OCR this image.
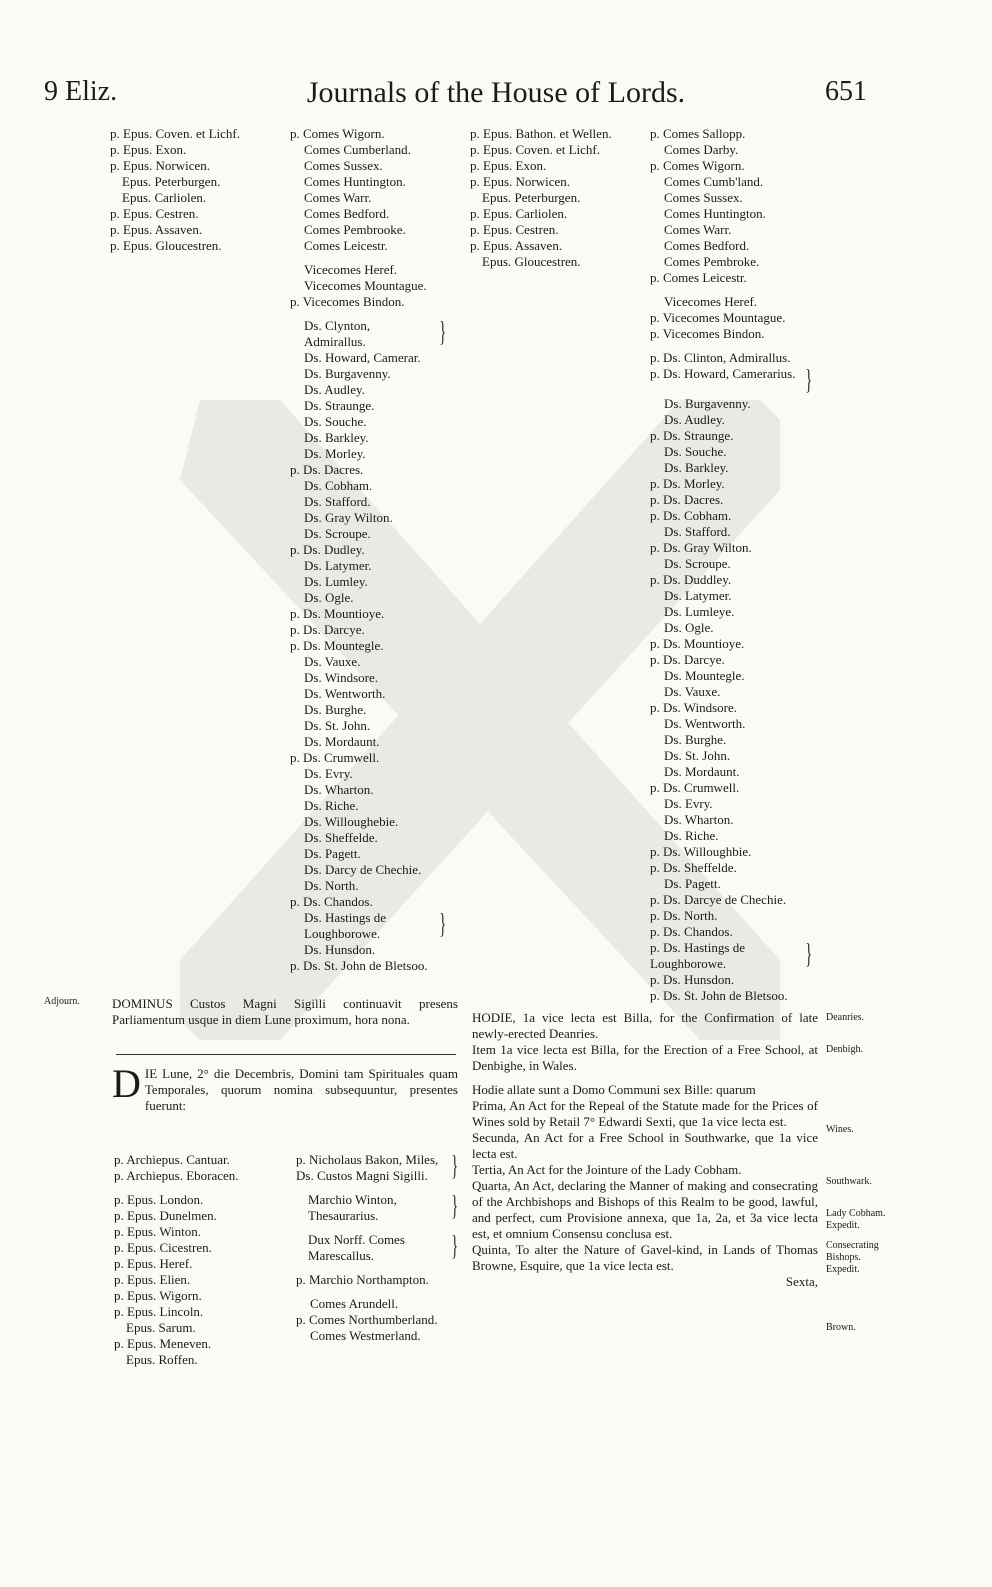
9 Eliz.	Journals of the House of Lords.	651
p. Epus. Coven. et Lichf.
p. Epus. Exon.
p. Epus. Norwicen.
Epus. Peterburgen.
Epus. Carliolen.
p. Epus. Cestren.
p. Epus. Assaven.
p. Epus. Gloucestren.
p. Comes Wigorn.
Comes Cumberland.
Comes Sussex.
Comes Huntington.
Comes Warr.
Comes Bedford.
Comes Pembrooke.
Comes Leicestr.
Vicecomes Heref.
Vicecomes Mountague.
p. Vicecomes Bindon.
Ds. Clynton, Admirallus.	}
Ds. Howard, Camerar.
Ds. Burgavenny.
Ds. Audley.
Ds. Straunge.
Ds. Souche.
Ds. Barkley.
Ds. Morley.
p. Ds. Dacres.
Ds. Cobham.
Ds. Stafford.
Ds. Gray Wilton.
Ds. Scroupe.
p. Ds. Dudley.
Ds. Latymer.
Ds. Lumley.
Ds. Ogle.
p. Ds. Mountioye.
p. Ds. Darcye.
p. Ds. Mountegle.
Ds. Vauxe.
Ds. Windsore.
Ds. Wentworth.
Ds. Burghe.
Ds. St. John.
Ds. Mordaunt.
p. Ds. Crumwell.
Ds. Evry.
Ds. Wharton.
Ds. Riche.
Ds. Willoughebie.
Ds. Sheffelde.
Ds. Pagett.
Ds. Darcy de Chechie.
Ds. North.
p. Ds. Chandos.
Ds. Hastings de Loughborowe. }
Ds. Hunsdon.
p. Ds. St. John de Bletsoo.
p. Epus. Bathon. et Wellen.
p. Epus. Coven. et Lichf.
p. Epus. Exon.
p. Epus. Norwicen.
Epus. Peterburgen.
p. Epus. Carliolen.
p. Epus. Cestren.
p. Epus. Assaven.
Epus. Gloucestren.
p. Comes Sallopp.
Comes Darby.
p. Comes Wigorn.
Comes Cumb'land.
Comes Sussex.
Comes Huntington.
Comes Warr.
Comes Bedford.
Comes Pembroke.
p. Comes Leicestr.
Vicecomes Heref.
p. Vicecomes Mountague.
p. Vicecomes Bindon.
p. Ds. Clinton, Admirallus.
p. Ds. Howard, Camerarius. }
Ds. Burgavenny.
Ds. Audley.
p. Ds. Straunge.
Ds. Souche.
Ds. Barkley.
p. Ds. Morley.
p. Ds. Dacres.
p. Ds. Cobham.
Ds. Stafford.
p. Ds. Gray Wilton.
Ds. Scroupe.
p. Ds. Duddley.
Ds. Latymer.
Ds. Lumleye.
Ds. Ogle.
p. Ds. Mountioye.
p. Ds. Darcye.
Ds. Mountegle.
Ds. Vauxe.
p. Ds. Windsore.
Ds. Wentworth.
Ds. Burghe.
Ds. St. John.
Ds. Mordaunt.
p. Ds. Crumwell.
Ds. Evry.
Ds. Wharton.
Ds. Riche.
p. Ds. Willoughbie.
p. Ds. Sheffelde.
Ds. Pagett.
p. Ds. Darcye de Chechie.
p. Ds. North.
p. Ds. Chandos.
p. Ds. Hastings de Loughborowe.	}
p. Ds. Hunsdon.
p. Ds. St. John de Bletsoo.
Adjourn. DOMINUS Custos Magni Sigilli continuavit presens Parliamentum usque in diem Lune proximum, hora nona.
D IE Lune, 2° die Decembris, Domini tam Spirituales quam Temporales, quorum nomina subsequuntur, presentes fuerunt:
p. Archiepus. Cantuar.
p. Archiepus. Eboracen.
p. Epus. London.
p. Epus. Dunelmen.
p. Epus. Winton.
p. Epus. Cicestren.
p. Epus. Heref.
p. Epus. Elien.
p. Epus. Wigorn.
p. Epus. Lincoln.
Epus. Sarum.
p. Epus. Meneven.
Epus. Roffen.
p. Nicholaus Bakon, Miles, Ds. Custos Magni Sigilli. }
Marchio Winton, Thesaurarius.	}
Dux Norff. Comes Marescallus.	}
p. Marchio Northampton.
Comes Arundell.
p. Comes Northumberland.
Comes Westmerland.
HODIE, 1a vice lecta est Billa, for the Confirmation of late newly-erected Deanries.
Item 1a vice lecta est Billa, for the Erection of a Free School, at Denbighe, in Wales.
Hodie allate sunt a Domo Communi sex Bille: quarum
Prima, An Act for the Repeal of the Statute made for the Prices of Wines sold by Retail 7° Edwardi Sexti, que 1a vice lecta est.
Secunda, An Act for a Free School in Southwarke, que 1a vice lecta est.
Tertia, An Act for the Jointure of the Lady Cobham.
Quarta, An Act, declaring the Manner of making and consecrating of the Archbishops and Bishops of this Realm to be good, lawful, and perfect, cum Provisione annexa, que 1a, 2a, et 3a vice lecta est, et omnium Consensu conclusa est.
Quinta, To alter the Nature of Gavel-kind, in Lands of Thomas Browne, Esquire, que 1a vice lecta est.
Sexta,
Deanries.
Denbigh.
Wines.
Southwark.
Lady Cobham. Expedit.
Consecrating Bishops. Expedit.
Brown.
